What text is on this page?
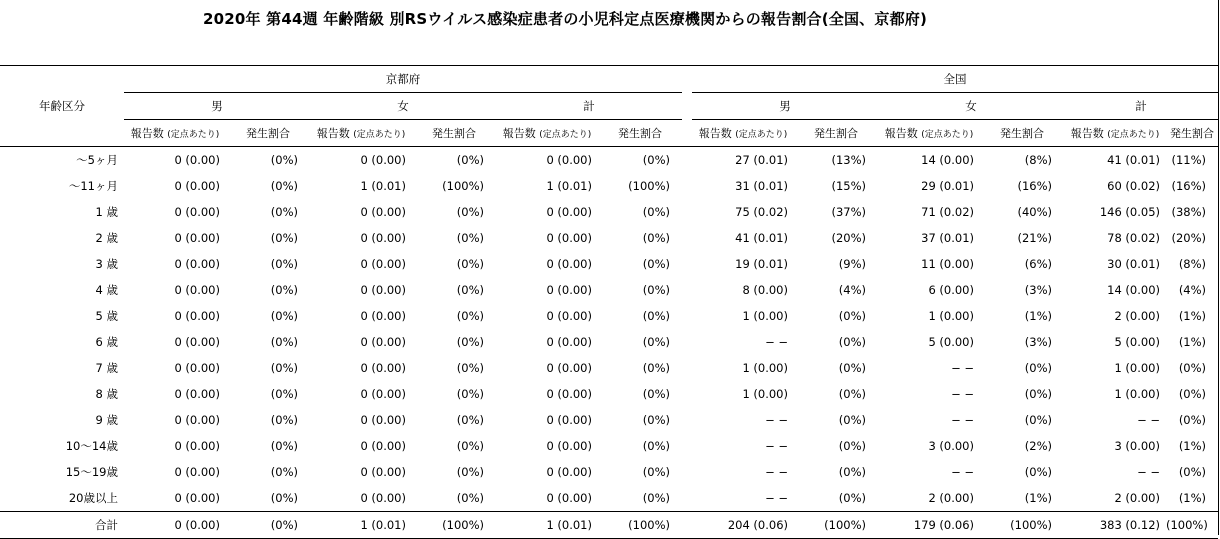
2020年 第44週 年齢階級 別RSウイルス感染症患者の小児科定点医療機関からの報告割合(全国、京都府)
年齢区分	京都府							全国					
	男		女		計			男		女		計	
	報告数 (定点あたり)	発生割合	報告数 (定点あたり)	発生割合	報告数 (定点あたり)	発生割合		報告数 (定点あたり)	発生割合	報告数 (定点あたり)	発生割合	報告数 (定点あたり)	発生割合
〜5ヶ月	0 (0.00)	(0%)	0 (0.00)	(0%)	0 (0.00)	(0%)		27 (0.01)	(13%)	14 (0.00)	(8%)	41 (0.01)	(11%)
〜11ヶ月	0 (0.00)	(0%)	1 (0.01)	(100%)	1 (0.01)	(100%)		31 (0.01)	(15%)	29 (0.01)	(16%)	60 (0.02)	(16%)
1 歳	0 (0.00)	(0%)	0 (0.00)	(0%)	0 (0.00)	(0%)		75 (0.02)	(37%)	71 (0.02)	(40%)	146 (0.05)	(38%)
2 歳	0 (0.00)	(0%)	0 (0.00)	(0%)	0 (0.00)	(0%)		41 (0.01)	(20%)	37 (0.01)	(21%)	78 (0.02)	(20%)
3 歳	0 (0.00)	(0%)	0 (0.00)	(0%)	0 (0.00)	(0%)		19 (0.01)	(9%)	11 (0.00)	(6%)	30 (0.01)	(8%)
4 歳	0 (0.00)	(0%)	0 (0.00)	(0%)	0 (0.00)	(0%)		8 (0.00)	(4%)	6 (0.00)	(3%)	14 (0.00)	(4%)
5 歳	0 (0.00)	(0%)	0 (0.00)	(0%)	0 (0.00)	(0%)		1 (0.00)	(0%)	1 (0.00)	(1%)	2 (0.00)	(1%)
6 歳	0 (0.00)	(0%)	0 (0.00)	(0%)	0 (0.00)	(0%)		− −	(0%)	5 (0.00)	(3%)	5 (0.00)	(1%)
7 歳	0 (0.00)	(0%)	0 (0.00)	(0%)	0 (0.00)	(0%)		1 (0.00)	(0%)	− −	(0%)	1 (0.00)	(0%)
8 歳	0 (0.00)	(0%)	0 (0.00)	(0%)	0 (0.00)	(0%)		1 (0.00)	(0%)	− −	(0%)	1 (0.00)	(0%)
9 歳	0 (0.00)	(0%)	0 (0.00)	(0%)	0 (0.00)	(0%)		− −	(0%)	− −	(0%)	− −	(0%)
10〜14歳	0 (0.00)	(0%)	0 (0.00)	(0%)	0 (0.00)	(0%)		− −	(0%)	3 (0.00)	(2%)	3 (0.00)	(1%)
15〜19歳	0 (0.00)	(0%)	0 (0.00)	(0%)	0 (0.00)	(0%)		− −	(0%)	− −	(0%)	− −	(0%)
20歳以上	0 (0.00)	(0%)	0 (0.00)	(0%)	0 (0.00)	(0%)		− −	(0%)	2 (0.00)	(1%)	2 (0.00)	(1%)
合計	0 (0.00)	(0%)	1 (0.01)	(100%)	1 (0.01)	(100%)		204 (0.06)	(100%)	179 (0.06)	(100%)	383 (0.12)	(100%)
